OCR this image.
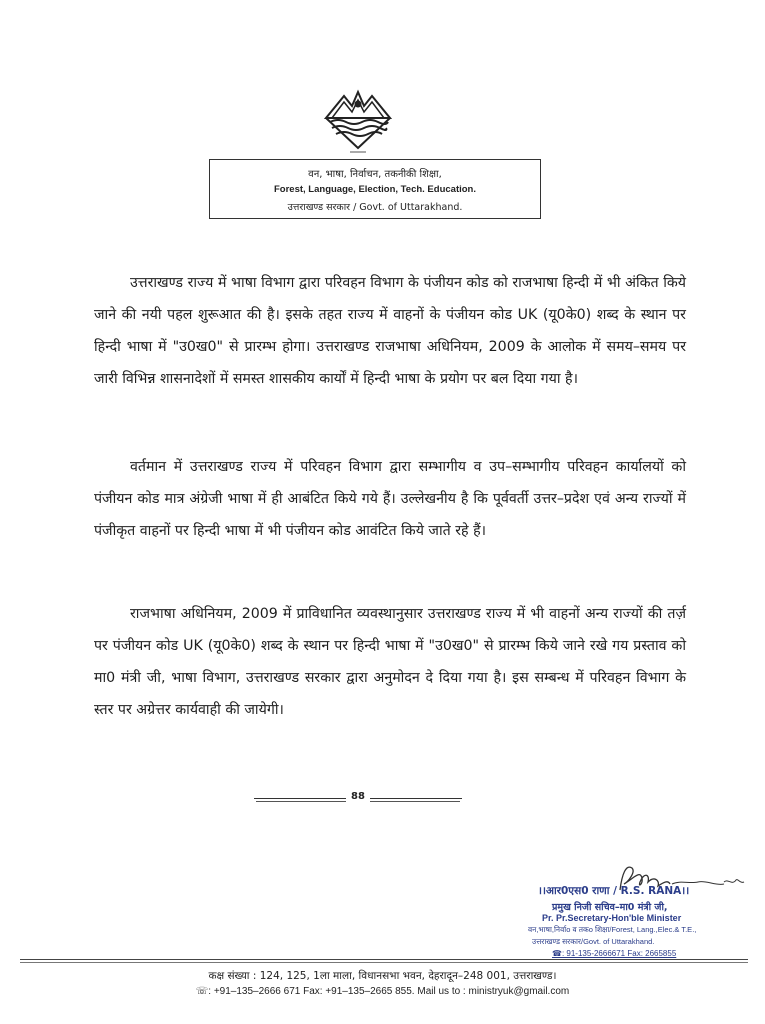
वन, भाषा, निर्वाचन, तकनीकी शिक्षा,
Forest, Language, Election, Tech. Education.
उत्तराखण्ड सरकार / Govt. of Uttarakhand.
उत्तराखण्ड राज्य में भाषा विभाग द्वारा परिवहन विभाग के पंजीयन कोड को राजभाषा हिन्दी में भी अंकित किये जाने की नयी पहल शुरूआत की है। इसके तहत राज्य में वाहनों के पंजीयन कोड UK (यू0के0) शब्द के स्थान पर हिन्दी भाषा में "उ0ख0" से प्रारम्भ होगा। उत्तराखण्ड राजभाषा अधिनियम, 2009 के आलोक में समय–समय पर जारी विभिन्न शासनादेशों में समस्त शासकीय कार्यों में हिन्दी भाषा के प्रयोग पर बल दिया गया है।
वर्तमान में उत्तराखण्ड राज्य में परिवहन विभाग द्वारा सम्भागीय व उप–सम्भागीय परिवहन कार्यालयों को पंजीयन कोड मात्र अंग्रेजी भाषा में ही आबंटित किये गये हैं। उल्लेखनीय है कि पूर्ववर्ती उत्तर–प्रदेश एवं अन्य राज्यों में पंजीकृत वाहनों पर हिन्दी भाषा में भी पंजीयन कोड आवंटित किये जाते रहे हैं।
राजभाषा अधिनियम, 2009 में प्राविधानित व्यवस्थानुसार उत्तराखण्ड राज्य में भी वाहनों अन्य राज्यों की तर्ज़ पर पंजीयन कोड UK (यू0के0) शब्द के स्थान पर हिन्दी भाषा में "उ0ख0" से प्रारम्भ किये जाने रखे गय प्रस्ताव को मा0 मंत्री जी, भाषा विभाग, उत्तराखण्ड सरकार द्वारा अनुमोदन दे दिया गया है। इस सम्बन्ध में परिवहन विभाग के स्तर पर अग्रेत्तर कार्यवाही की जायेगी।
88
।।आर0एस0 राणा / R.S. RANA।।
प्रमुख निजी सचिव–मा0 मंत्री जी,
Pr. Pr.Secretary-Hon'ble Minister
वन,भाषा,निर्वाo व तकo शिक्षा/Forest, Lang.,Elec.& T.E.,
उत्तराखण्ड सरकार/Govt. of Uttarakhand.
☎: 91-135-2666671 Fax: 2665855
कक्ष संख्या : 124, 125, 1ला माला, विधानसभा भवन, देहरादून–248 001, उत्तराखण्ड।
☏: +91–135–2666 671 Fax: +91–135–2665 855. Mail us to : ministryuk@gmail.com
